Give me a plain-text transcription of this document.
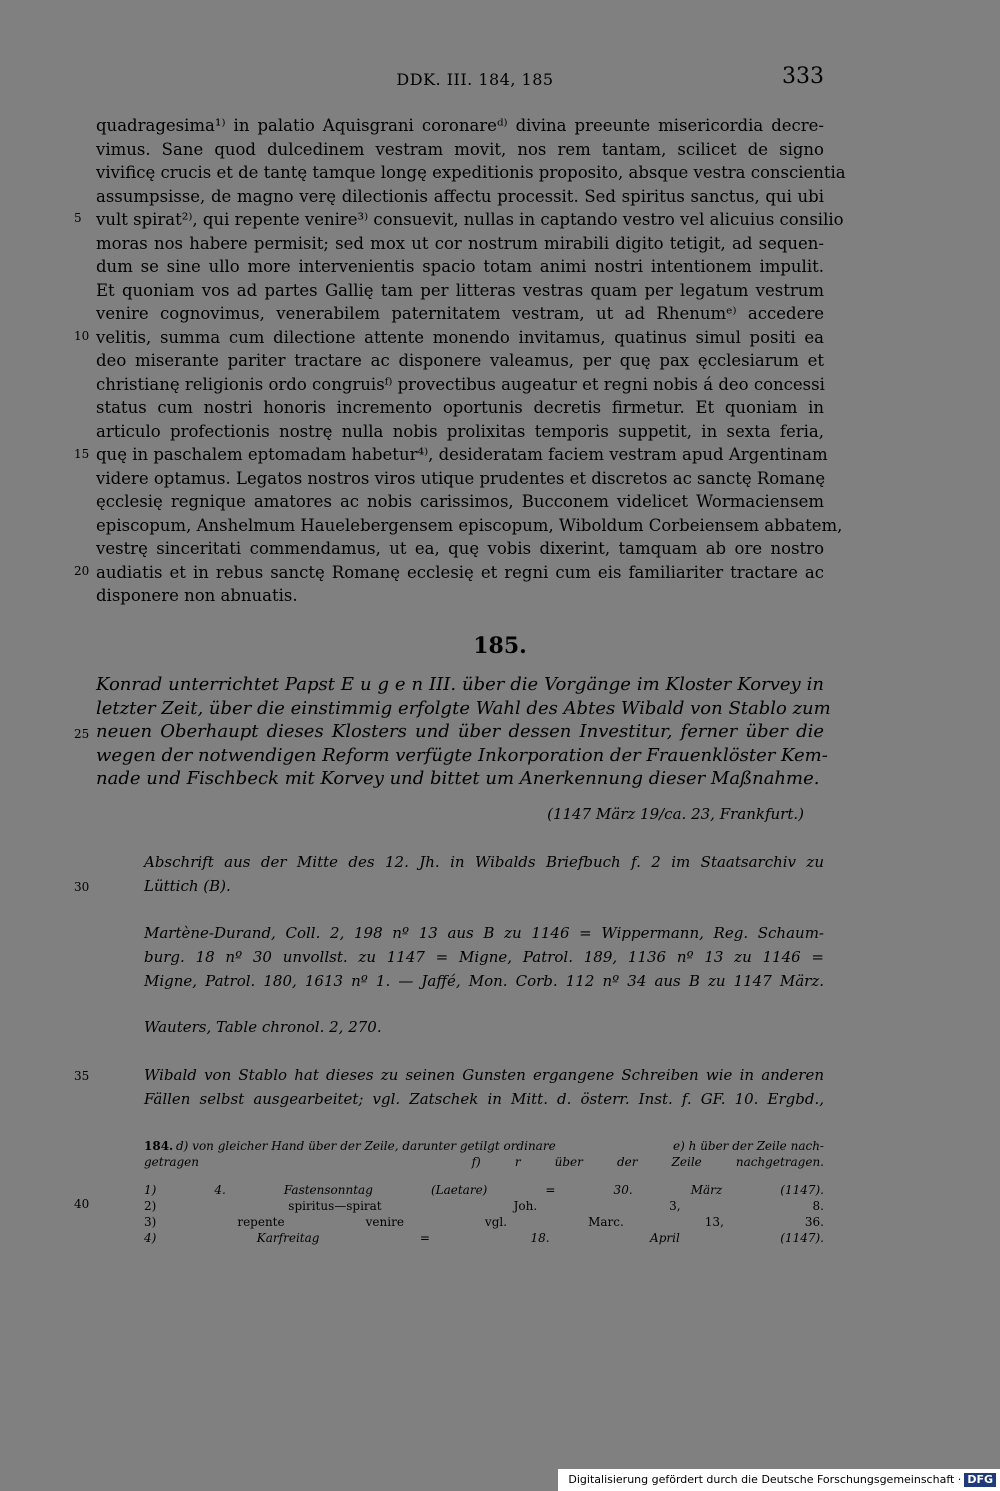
DDK. III. 184, 185	333
quadragesima¹⁾ in palatio Aquisgrani coronareᵈ⁾ divina preeunte misericordia decre-
vimus. Sane quod dulcedinem vestram movit, nos rem tantam, scilicet de signo
vivificę crucis et de tantę tamque longę expeditionis proposito, absque vestra conscientia
assumpsisse, de magno verę dilectionis affectu processit. Sed spiritus sanctus, qui ubi
vult spirat²⁾, qui repente venire³⁾ consuevit, nullas in captando vestro vel alicuius consilio
moras nos habere permisit; sed mox ut cor nostrum mirabili digito tetigit, ad sequen-
dum se sine ullo more intervenientis spacio totam animi nostri intentionem impulit.
Et quoniam vos ad partes Gallię tam per litteras vestras quam per legatum vestrum
venire cognovimus, venerabilem paternitatem vestram, ut ad Rhenumᵉ⁾ accedere
velitis, summa cum dilectione attente monendo invitamus, quatinus simul positi ea
deo miserante pariter tractare ac disponere valeamus, per quę pax ęcclesiarum et
christianę religionis ordo congruisᶠ⁾ provectibus augeatur et regni nobis á deo concessi
status cum nostri honoris incremento oportunis decretis firmetur. Et quoniam in
articulo profectionis nostrę nulla nobis prolixitas temporis suppetit, in sexta feria,
quę in paschalem eptomadam habetur⁴⁾, desideratam faciem vestram apud Argentinam
videre optamus. Legatos nostros viros utique prudentes et discretos ac sanctę Romanę
ęcclesię regnique amatores ac nobis carissimos, Bucconem videlicet Wormaciensem
episcopum, Anshelmum Hauelebergensem episcopum, Wiboldum Corbeiensem abbatem,
vestrę sinceritati commendamus, ut ea, quę vobis dixerint, tamquam ab ore nostro
audiatis et in rebus sanctę Romanę ecclesię et regni cum eis familiariter tractare ac
disponere non abnuatis.
5
10
15
20
25
30
35
40
185.
Konrad unterrichtet Papst E u g e n III. über die Vorgänge im Kloster Korvey in
letzter Zeit, über die einstimmig erfolgte Wahl des Abtes Wibald von Stablo zum
neuen Oberhaupt dieses Klosters und über dessen Investitur, ferner über die
wegen der notwendigen Reform verfügte Inkorporation der Frauenklöster Kem-
nade und Fischbeck mit Korvey und bittet um Anerkennung dieser Maßnahme.
(1147 März 19/ca. 23, Frankfurt.)
Abschrift aus der Mitte des 12. Jh. in Wibalds Briefbuch f. 2 im Staatsarchiv zu
Lüttich (B).
Martène-Durand, Coll. 2, 198 nº 13 aus B zu 1146 = Wippermann, Reg. Schaum-
burg. 18 nº 30 unvollst. zu 1147 = Migne, Patrol. 189, 1136 nº 13 zu 1146 =
Migne, Patrol. 180, 1613 nº 1. — Jaffé, Mon. Corb. 112 nº 34 aus B zu 1147 März.
Wauters, Table chronol. 2, 270.
Wibald von Stablo hat dieses zu seinen Gunsten ergangene Schreiben wie in anderen
Fällen selbst ausgearbeitet; vgl. Zatschek in Mitt. d. österr. Inst. f. GF. 10. Ergbd.,
184. d) von gleicher Hand über der Zeile, darunter getilgt ordinare	e) h über der Zeile nach-
getragen        f) r über der Zeile nachgetragen.
1) 4. Fastensonntag (Laetare) = 30. März (1147).
2) spiritus—spirat Joh. 3, 8.
3) repente venire vgl. Marc. 13, 36.
4) Karfreitag = 18. April (1147).
Digitalisierung gefördert durch die Deutsche Forschungsgemeinschaft · DFG
